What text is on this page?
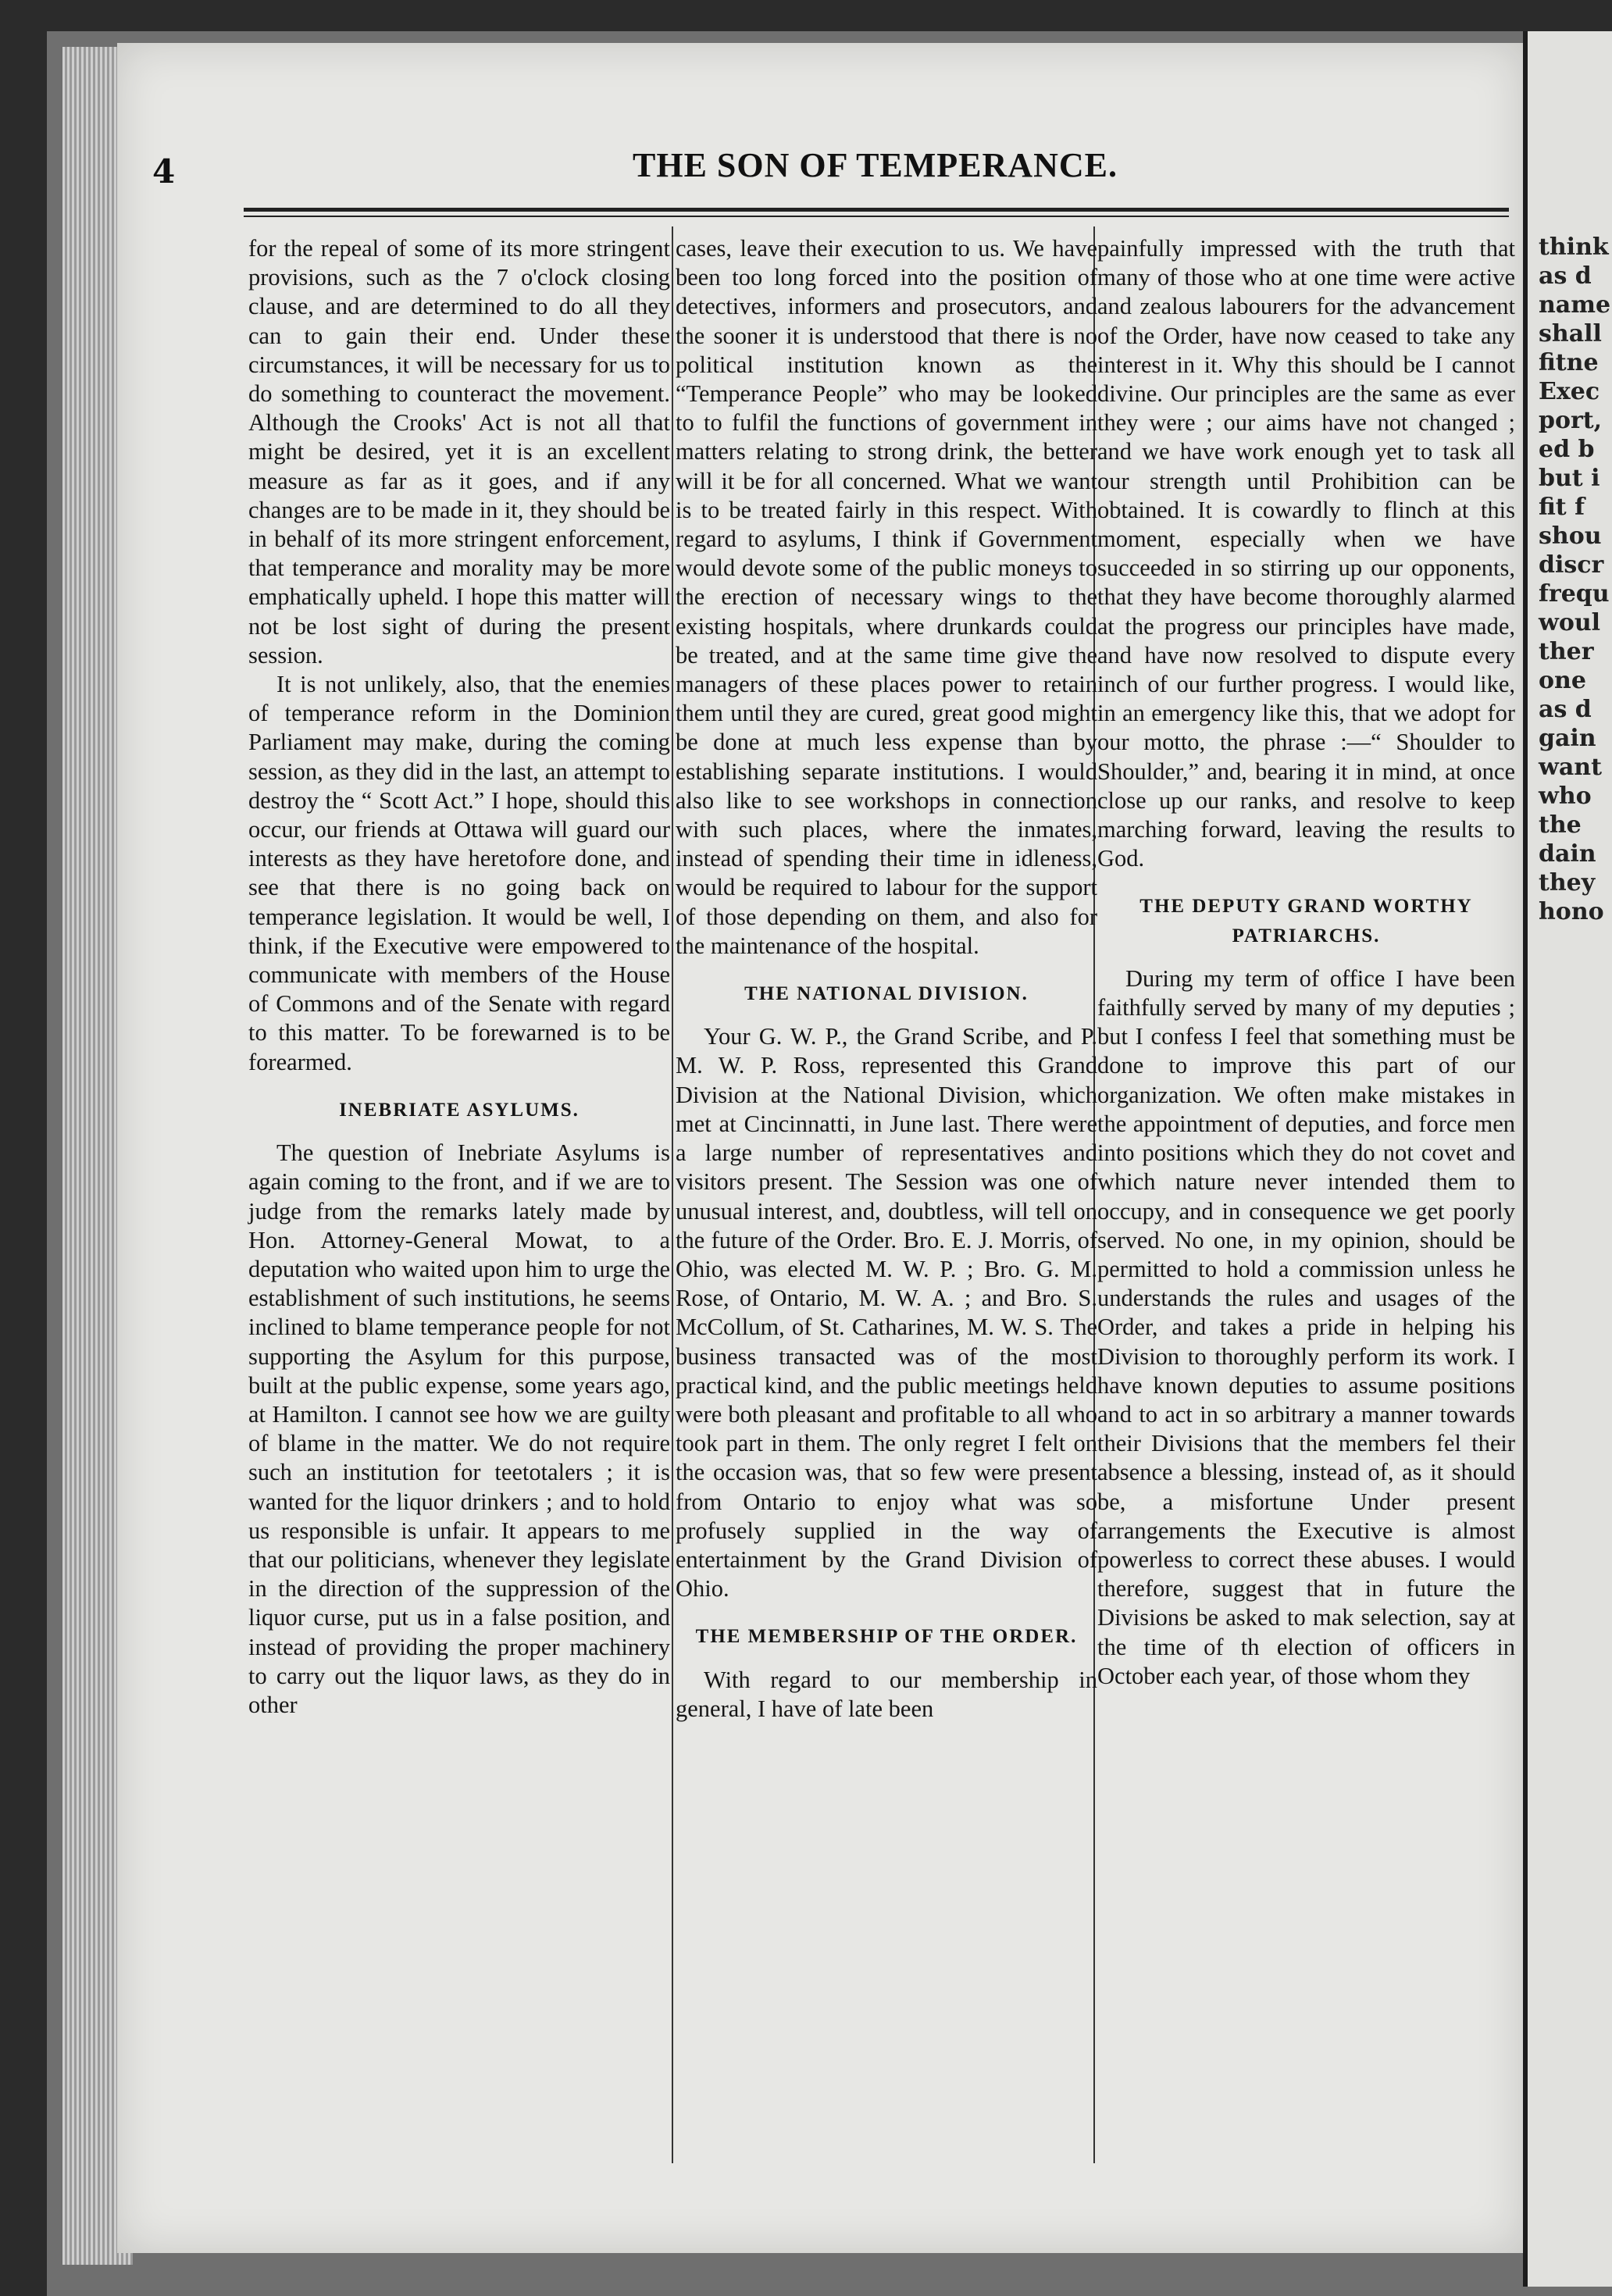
think
as d
name
shall
fitne
Exec
port,
ed b
but i
fit f
shou
discr
frequ
woul
ther
one
as d
gain
want
who
the
dain
they
hono
4	THE SON OF TEMPERANCE.

for the repeal of some of its more stringent provisions, such as the 7 o'clock closing clause, and are determined to do all they can to gain their end. Under these circumstances, it will be necessary for us to do something to counteract the movement. Although the Crooks' Act is not all that might be desired, yet it is an excellent measure as far as it goes, and if any changes are to be made in it, they should be in behalf of its more stringent enforcement, that temperance and morality may be more emphatically upheld. I hope this matter will not be lost sight of during the present session.

It is not unlikely, also, that the enemies of temperance reform in the Dominion Parliament may make, during the coming session, as they did in the last, an attempt to destroy the “ Scott Act.” I hope, should this occur, our friends at Ottawa will guard our interests as they have heretofore done, and see that there is no going back on temperance legislation. It would be well, I think, if the Executive were empowered to communicate with members of the House of Commons and of the Senate with regard to this matter. To be forewarned is to be forearmed.

INEBRIATE ASYLUMS.

The question of Inebriate Asylums is again coming to the front, and if we are to judge from the remarks lately made by Hon. Attorney-General Mowat, to a deputation who waited upon him to urge the establishment of such institutions, he seems inclined to blame temperance people for not supporting the Asylum for this purpose, built at the public expense, some years ago, at Hamilton. I cannot see how we are guilty of blame in the matter. We do not require such an institution for teetotalers ; it is wanted for the liquor drinkers ; and to hold us responsible is unfair. It appears to me that our politicians, whenever they legislate in the direction of the suppression of the liquor curse, put us in a false position, and instead of providing the proper machinery to carry out the liquor laws, as they do in other

cases, leave their execution to us. We have been too long forced into the position of detectives, informers and prosecutors, and the sooner it is understood that there is no political institution known as the “Temperance People” who may be looked to to fulfil the functions of government in matters relating to strong drink, the better will it be for all concerned. What we want is to be treated fairly in this respect. With regard to asylums, I think if Government would devote some of the public moneys to the erection of necessary wings to the existing hospitals, where drunkards could be treated, and at the same time give the managers of these places power to retain them until they are cured, great good might be done at much less expense than by establishing separate institutions. I would also like to see workshops in connection with such places, where the inmates, instead of spending their time in idleness, would be required to labour for the support of those depending on them, and also for the maintenance of the hospital.

THE NATIONAL DIVISION.

Your G. W. P., the Grand Scribe, and P. M. W. P. Ross, represented this Grand Division at the National Division, which met at Cincinnatti, in June last. There were a large number of representatives and visitors present. The Session was one of unusual interest, and, doubtless, will tell on the future of the Order. Bro. E. J. Morris, of Ohio, was elected M. W. P. ; Bro. G. M. Rose, of Ontario, M. W. A. ; and Bro. S. McCollum, of St. Catharines, M. W. S. The business transacted was of the most practical kind, and the public meetings held were both pleasant and profitable to all who took part in them. The only regret I felt on the occasion was, that so few were present from Ontario to enjoy what was so profusely supplied in the way of entertainment by the Grand Division of Ohio.

THE MEMBERSHIP OF THE ORDER.

With regard to our membership in general, I have of late been

painfully impressed with the truth that many of those who at one time were active and zealous labourers for the advancement of the Order, have now ceased to take any interest in it. Why this should be I cannot divine. Our principles are the same as ever they were ; our aims have not changed ; and we have work enough yet to task all our strength until Prohibition can be obtained. It is cowardly to flinch at this moment, especially when we have succeeded in so stirring up our opponents, that they have become thoroughly alarmed at the progress our principles have made, and have now resolved to dispute every inch of our further progress. I would like, in an emergency like this, that we adopt for our motto, the phrase :—“ Shoulder to Shoulder,” and, bearing it in mind, at once close up our ranks, and resolve to keep marching forward, leaving the results to God.

THE DEPUTY GRAND WORTHY PATRIARCHS.

During my term of office I have been faithfully served by many of my deputies ; but I confess I feel that something must be done to improve this part of our organization. We often make mistakes in the appointment of deputies, and force men into positions which they do not covet and which nature never intended them to occupy, and in consequence we get poorly served. No one, in my opinion, should be permitted to hold a commission unless he understands the rules and usages of the Order, and takes a pride in helping his Division to thoroughly perform its work. I have known deputies to assume positions and to act in so arbitrary a manner towards their Divisions that the members fel their absence a blessing, instead of, as it should be, a misfortune Under present arrangements the Executive is almost powerless to correct these abuses. I would therefore, suggest that in future the Divisions be asked to mak selection, say at the time of th election of officers in October each year, of those whom they
